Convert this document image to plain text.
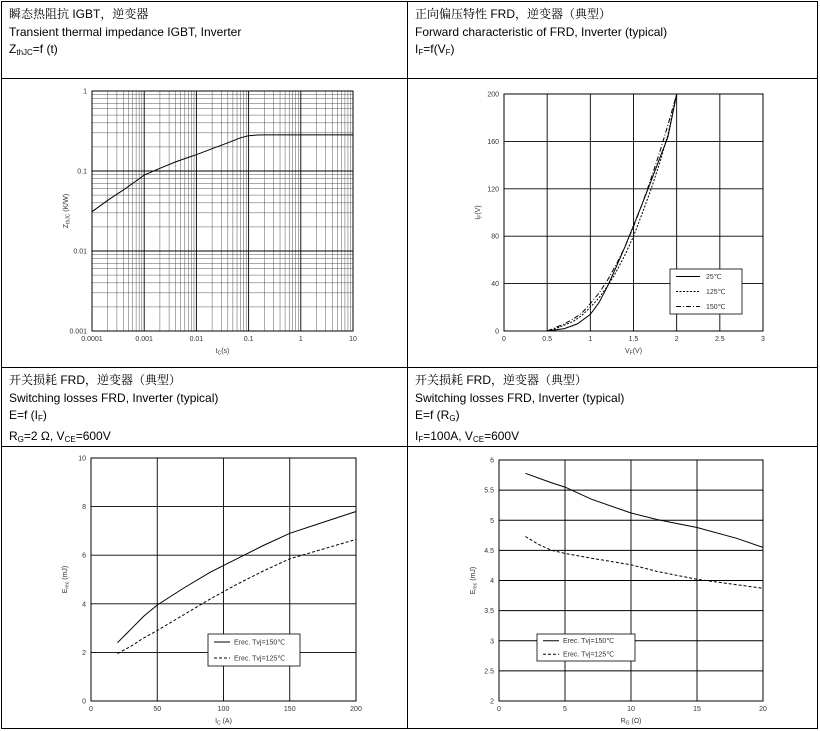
瞬态热阻抗 IGBT，逆变器
Transient thermal impedance IGBT, Inverter
$Z_{thJC}=f$ (t)
正向偏压特性 FRD，逆变器（典型）
Forward characteristic of FRD, Inverter (typical)
$I_F=f(V_F)$
开关损耗 FRD，逆变器（典型）
Switching losses FRD, Inverter (typical)
E=f $(I_F)$
$R_G=2$ Ω, $V_{CE}=600V$
开关损耗 FRD，逆变器（典型）
Switching losses FRD, Inverter (typical)
E=f $(R_G)$
$I_F=100A$, $V_{CE}=600V$
0.0001	0.001	0.01	0.1	1	10
0.001
0.01
0.1
1
$t_C(s)$
$Z_{thJC}$ (K/W)
0	0.5	1	1.5	2	2.5	3
0
40
80
120
160
200
$V_F(V)$
$I_F(V)$
25℃
125℃
150℃
0	50	100	150	200
0
2
4
6
8
10
$I_C$ (A)
$E_{rec}$ (mJ)
Erec. Tvj=150℃
Erec. Tvj=125℃
0	5	10	15	20
2
2.5
3
3.5
4
4.5
5
5.5
6
$R_G$ (Ω)
$E_{rec}$ (mJ)
Erec. Tvj=150℃
Erec. Tvj=125℃
